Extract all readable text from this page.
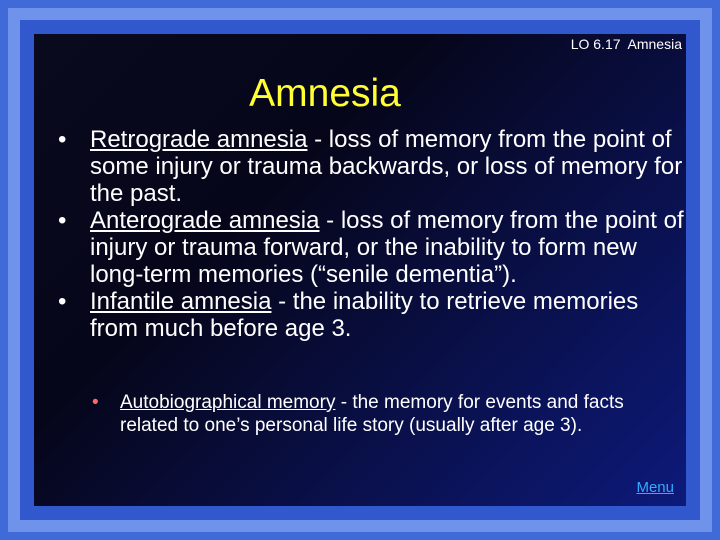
LO 6.17  Amnesia
Amnesia
• Retrograde amnesia - loss of memory from the point of some injury or trauma backwards, or loss of memory for the past.
• Anterograde amnesia - loss of memory from the point of injury or trauma forward, or the inability to form new long-term memories (“senile dementia”).
• Infantile amnesia - the inability to retrieve memories from much before age 3.
• Autobiographical memory - the memory for events and facts related to one’s personal life story (usually after age 3).
Menu
